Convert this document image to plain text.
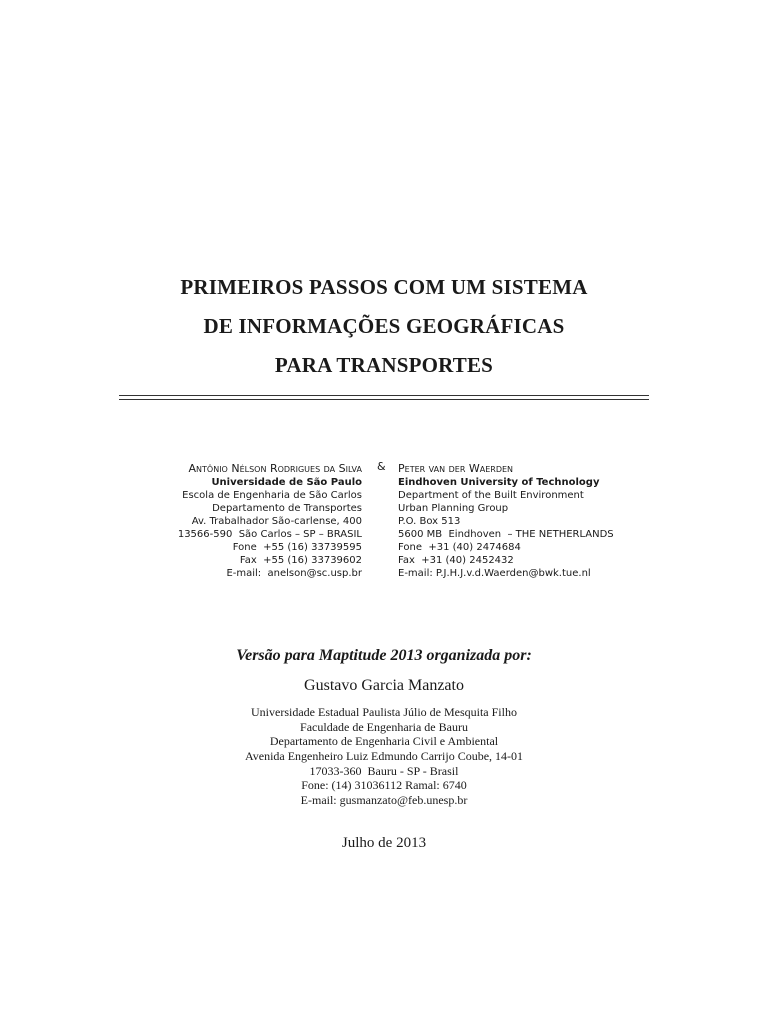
PRIMEIROS PASSOS COM UM SISTEMA
DE INFORMAÇÕES GEOGRÁFICAS
PARA TRANSPORTES
Antônio Nélson Rodrigues da Silva
Universidade de São Paulo
Escola de Engenharia de São Carlos
Departamento de Transportes
Av. Trabalhador São-carlense, 400
13566-590  São Carlos – SP – BRASIL
Fone  +55 (16) 33739595
Fax  +55 (16) 33739602
E-mail:  anelson@sc.usp.br
& Peter van der Waerden
Eindhoven University of Technology
Department of the Built Environment
Urban Planning Group
P.O. Box 513
5600 MB  Eindhoven  – THE NETHERLANDS
Fone  +31 (40) 2474684
Fax  +31 (40) 2452432
E-mail: P.J.H.J.v.d.Waerden@bwk.tue.nl
Versão para Maptitude 2013 organizada por:
Gustavo Garcia Manzato
Universidade Estadual Paulista Júlio de Mesquita Filho
Faculdade de Engenharia de Bauru
Departamento de Engenharia Civil e Ambiental
Avenida Engenheiro Luiz Edmundo Carrijo Coube, 14-01
17033-360  Bauru - SP - Brasil
Fone: (14) 31036112 Ramal: 6740
E-mail: gusmanzato@feb.unesp.br
Julho de 2013
